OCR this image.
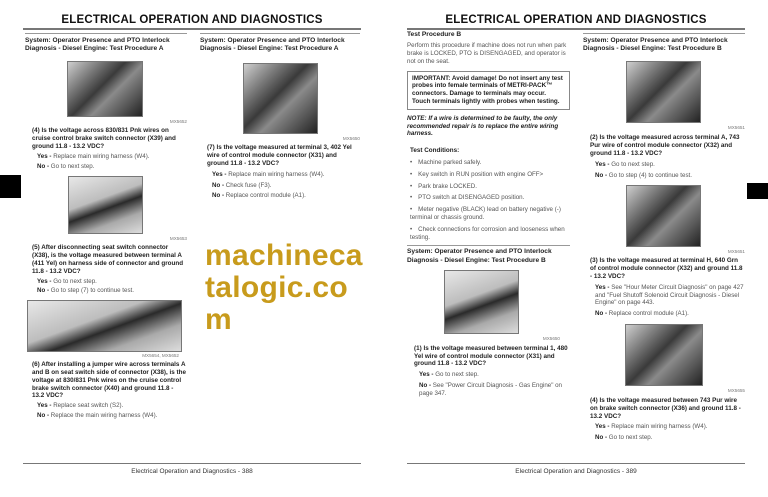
ELECTRICAL OPERATION AND DIAGNOSTICS
System: Operator Presence and PTO Interlock Diagnosis - Diesel Engine: Test Procedure A
MX5652
(4) Is the voltage across 830/831 Pnk wires on cruise control brake switch connector (X39) and ground 11.8 - 13.2 VDC?
Yes - Replace main wiring harness (W4).
No - Go to next step.
MX5653
(5) After disconnecting seat switch connector (X38), is the voltage measured between terminal A (411 Yel) on harness side of connector and ground 11.8 - 13.2 VDC?
Yes - Go to next step.
No - Go to step (7) to continue test.
MX5654, MX5652
(6) After installing a jumper wire across terminals A and B on seat switch side of connector (X38), is the voltage at 830/831 Pnk wires on the cruise control brake switch connector (X40) and ground 11.8 - 13.2 VDC?
Yes - Replace seat switch (S2).
No - Replace the main wiring harness (W4).
System: Operator Presence and PTO Interlock Diagnosis - Diesel Engine: Test Procedure A
MX5650
(7) Is the voltage measured at terminal 3, 402 Yel wire of control module connector (X31) and ground 11.8 - 13.2 VDC?
Yes - Replace main wiring harness (W4).
No - Check fuse (F3).
No - Replace control module (A1).
Electrical Operation and Diagnostics - 388
ELECTRICAL OPERATION AND DIAGNOSTICS
Test Procedure B
Perform this procedure if machine does not run when park brake is LOCKED, PTO is DISENGAGED, and operator is not on the seat.
IMPORTANT: Avoid damage! Do not insert any test probes into female terminals of METRI-PACK™ connectors. Damage to terminals may occur. Touch terminals lightly with probes when testing.
NOTE: If a wire is determined to be faulty, the only recommended repair is to replace the entire wiring harness.
Test Conditions:
• Machine parked safely.
• Key switch in RUN position with engine OFF>
• Park brake LOCKED.
• PTO switch at DISENGAGED position.
• Meter negative (BLACK) lead on battery negative (-) terminal or chassis ground.
• Check connections for corrosion and looseness when testing.
System: Operator Presence and PTO Interlock Diagnosis - Diesel Engine: Test Procedure B
MX5650
(1) Is the voltage measured between terminal 1, 480 Yel wire of control module connector (X31) and ground 11.8 - 13.2 VDC?
Yes - Go to next step.
No - See "Power Circuit Diagnosis - Gas Engine" on page 347.
System: Operator Presence and PTO Interlock Diagnosis - Diesel Engine: Test Procedure B
MX5651
(2) Is the voltage measured across terminal A, 743 Pur wire of control module connector (X32) and ground 11.8 - 13.2 VDC?
Yes - Go to next step.
No - Go to step (4) to continue test.
MX5651
(3) Is the voltage measured at terminal H, 640 Grn of control module connector (X32) and ground 11.8 - 13.2 VDC?
Yes - See "Hour Meter Circuit Diagnosis" on page 427 and "Fuel Shutoff Solenoid Circuit Diagnosis - Diesel Engine" on page 443.
No - Replace control module (A1).
MX5655
(4) Is the voltage measured between 743 Pur wire on brake switch connector (X36) and ground 11.8 - 13.2 VDC?
Yes - Replace main wiring harness (W4).
No - Go to next step.
Electrical Operation and Diagnostics - 389
machinecatalogic.com
